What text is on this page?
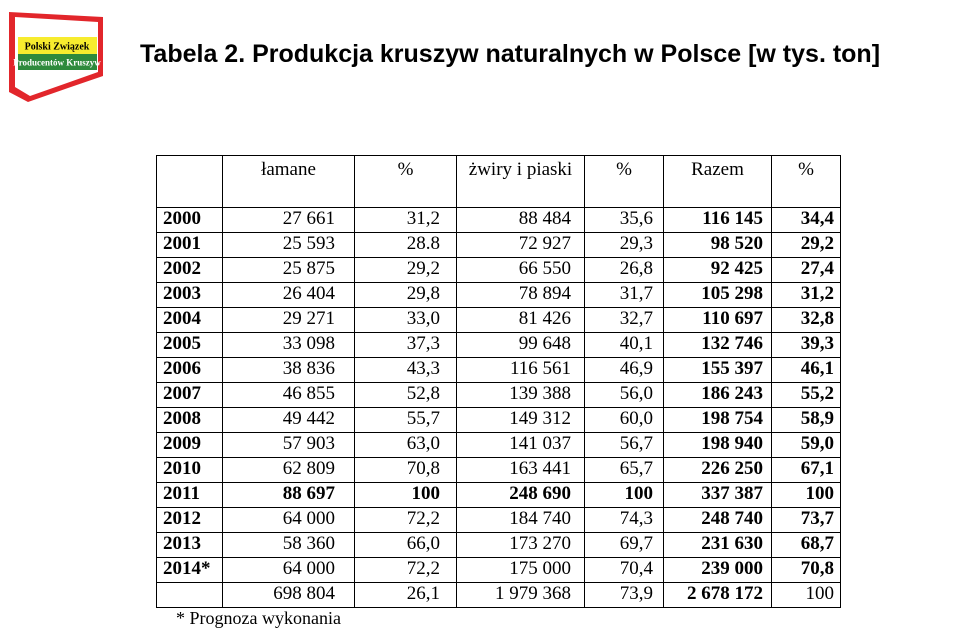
Polski Związek
Producentów Kruszyw Tabela 2. Produkcja kruszyw naturalnych w Polsce [w tys. ton]
	łamane	%	żwiry i piaski	%	Razem	%
2000	27 661	31,2	88 484	35,6	116 145	34,4
2001	25 593	28.8	72 927	29,3	98 520	29,2
2002	25 875	29,2	66 550	26,8	92 425	27,4
2003	26 404	29,8	78 894	31,7	105 298	31,2
2004	29 271	33,0	81 426	32,7	110 697	32,8
2005	33 098	37,3	99 648	40,1	132 746	39,3
2006	38 836	43,3	116 561	46,9	155 397	46,1
2007	46 855	52,8	139 388	56,0	186 243	55,2
2008	49 442	55,7	149 312	60,0	198 754	58,9
2009	57 903	63,0	141 037	56,7	198 940	59,0
2010	62 809	70,8	163 441	65,7	226 250	67,1
2011	88 697	100	248 690	100	337 387	100
2012	64 000	72,2	184 740	74,3	248 740	73,7
2013	58 360	66,0	173 270	69,7	231 630	68,7
2014*	64 000	72,2	175 000	70,4	239 000	70,8
	698 804	26,1	1 979 368	73,9	2 678 172	100
* Prognoza wykonania
